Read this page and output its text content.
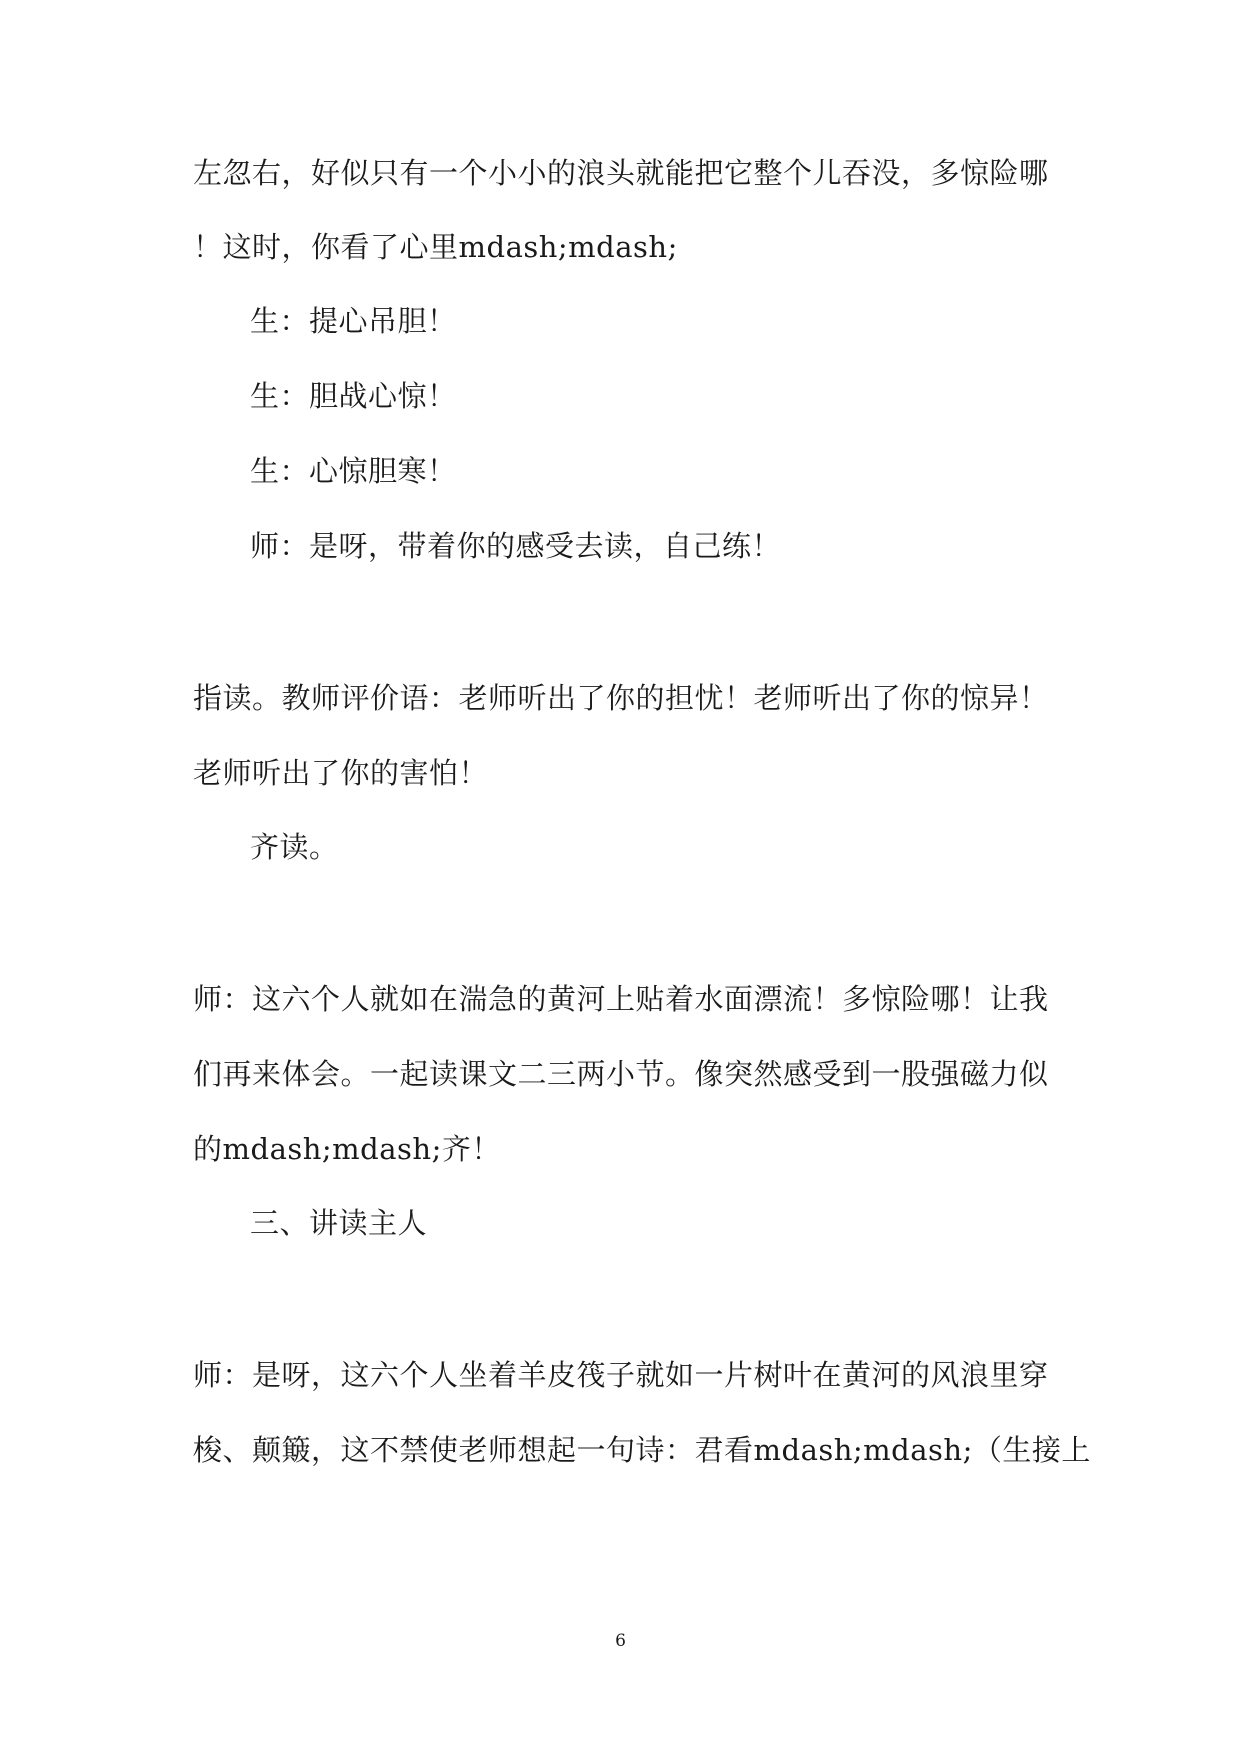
左忽右，好似只有一个小小的浪头就能把它整个儿吞没，多惊险哪
！这时，你看了心里mdash;mdash;
生：提心吊胆！
生：胆战心惊！
生：心惊胆寒！
师：是呀，带着你的感受去读，自己练！
指读。教师评价语：老师听出了你的担忧！老师听出了你的惊异！
老师听出了你的害怕！
齐读。
师：这六个人就如在湍急的黄河上贴着水面漂流！多惊险哪！让我
们再来体会。一起读课文二三两小节。像突然感受到一股强磁力似
的mdash;mdash;齐！
三、讲读主人
师：是呀，这六个人坐着羊皮筏子就如一片树叶在黄河的风浪里穿
梭、颠簸，这不禁使老师想起一句诗：君看mdash;mdash;（生接上
6
